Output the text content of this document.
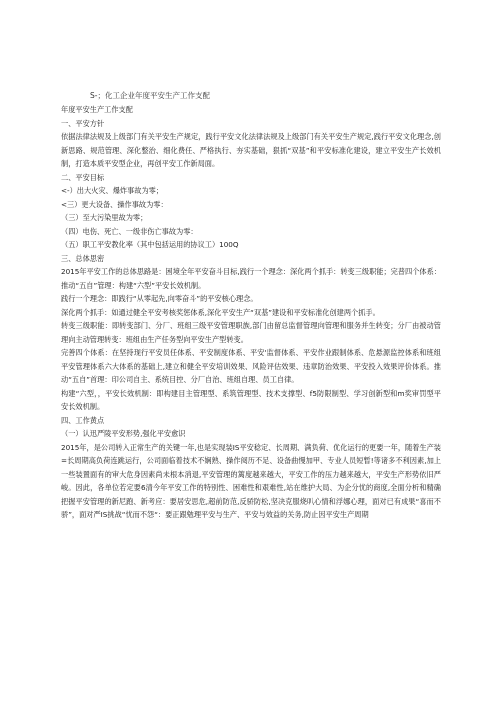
S-；化工企业年度平安生产工作支配
年度平安生产工作支配
一、平安方针
依据法律法规及上级部门有关平安生产规定，践行平安文化法律法规及上级部门有关平安生产规定,践行平安文化理念,创新思路、规范管理、深化整治、细化费任、严格执行、夯实基础，狠抓“双基”和平安标准化建设，建立平安生产长效机制，打造本质平安型企业，再创平安工作新局面。
二、平安目标
<-）出大火灾、爆炸事故为零；
<三）更大设备、操作事故为零：
（三）至大污染里故为零；
（四）电伤、死亡、一级非伤亡事故为零：
（五）职工平安教化率（其中包括运用的协议工）100Q
三、总体思密
2015年平安工作的总体思路是：困境全年平安奋斗目标,践行一个理念：深化两个抓手：转变三级职能；完普四个体系：推动“五自”管理：构建“六型”平安长效机制。
践行一个理念：即践行“从零起先,向零奋斗”的平安核心理念。
深化两个抓手：如通过健全平安考核奖惩体系,深化平安生产“双基”建设和平安标准化创建两个抓手。
转变三级职能：即转变部门、分厂、班组三级平安管理职族,部门由留总监督管理向管理和服务并生转变；分厂由被动管理向主动管理转变：班组由生产任务型向平安生产型转变。
完善四个体系：在坚持现行平安员任体系、平安制度体系、平安'监督体系、平安作业跟制体系、危悬源监控体系和班组平安管理体系六大体系的基础上,建立和健全平安培训效果、风险评估效果、违章防治效果、平安投入效果评价体系。推动“五自”首理：印公司自主、系统目控、分厂自治、班组自理、员工自律。
构建“六型，，平安长效机制：即构建目主管理型、系筑管理型、技术支撑型、f5防限制型、学习创新型和m奖审罚型平安长效机制。
四、工作黄点
（一）认迅严陵平安形势,强化平安愈识
2015年，是公司转入正常生产的关键一年,也是实现装IS平安稔定、长周期、满负荷、优化运行的更要一年，随着生产装=长周期高负荷连跳运行，公司面临着技术不娴熟、操作阅历不足、设备曲慢加甲、专业人员短暂!等诸多不利因素,加上一些装置面有的审大危身因素尚未根本消退,平安管理的篱度越来越大，平安工作的压力越来越大，平安生产形势依旧严峻。因此，各单位若定要6清今年平安工作的特别性、困难性和艰难性,站在维护大局、为企分忧的商度,全面分析和精确把握平安管理的新尼跑、新考应：要居安思危,超前防范,反骄防松,坚决克服烧叭心情和浮娜心理，面对已有成果“喜而不骄”，面对严IS挑战“忧而不怨“：要正跟勉理平安与生产、平安与效益的关务,防止因平安生产周期
